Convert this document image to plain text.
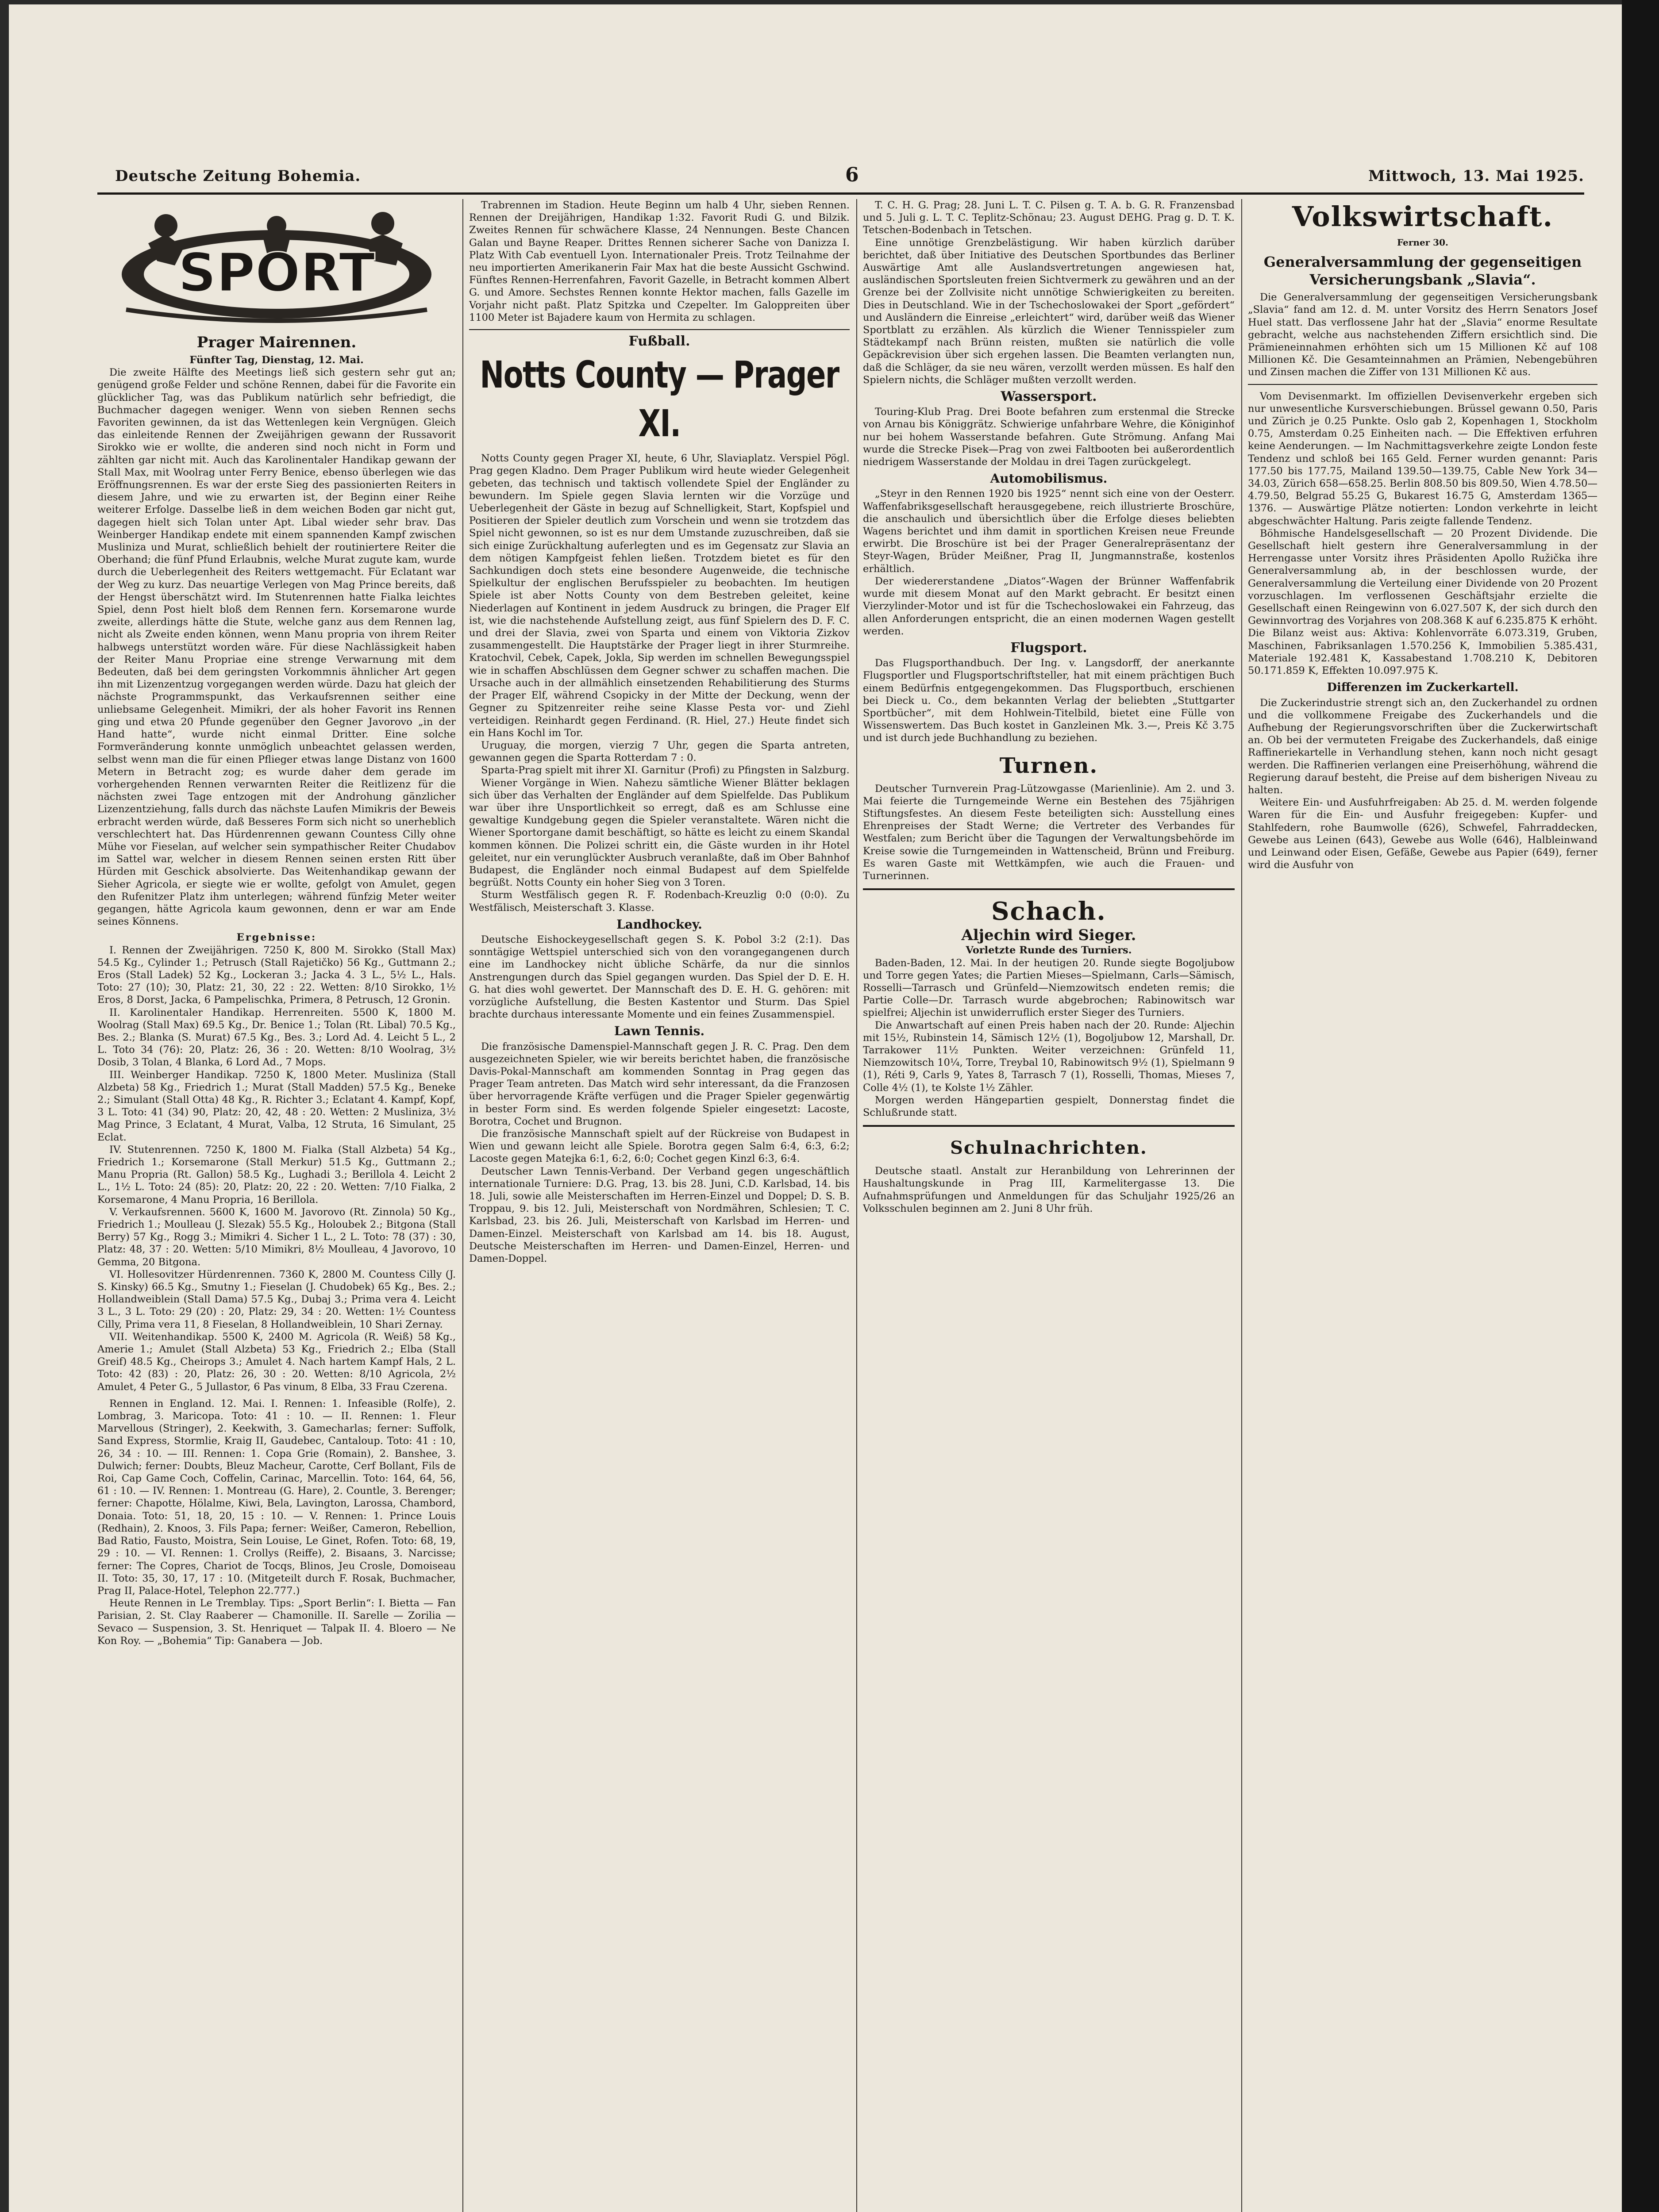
Deutsche Zeitung Bohemia.	6	Mittwoch, 13. Mai 1925.
SPORT
Prager Mairennen.

Fünfter Tag, Dienstag, 12. Mai.

Die zweite Hälfte des Meetings ließ sich gestern sehr gut an; genügend große Felder und schöne Rennen, dabei für die Favorite ein glücklicher Tag, was das Publikum natürlich sehr befriedigt, die Buchmacher dagegen weniger. Wenn von sieben Rennen sechs Favoriten gewinnen, da ist das Wettenlegen kein Vergnügen. Gleich das einleitende Rennen der Zweijährigen gewann der Russavorit Sirokko wie er wollte, die anderen sind noch nicht in Form und zählten gar nicht mit. Auch das Karolinentaler Handikap gewann der Stall Max, mit Woolrag unter Ferry Benice, ebenso überlegen wie das Eröffnungsrennen. Es war der erste Sieg des passionierten Reiters in diesem Jahre, und wie zu erwarten ist, der Beginn einer Reihe weiterer Erfolge. Dasselbe ließ in dem weichen Boden gar nicht gut, dagegen hielt sich Tolan unter Apt. Libal wieder sehr brav. Das Weinberger Handikap endete mit einem spannenden Kampf zwischen Musliniza und Murat, schließlich behielt der routiniertere Reiter die Oberhand; die fünf Pfund Erlaubnis, welche Murat zugute kam, wurde durch die Ueberlegenheit des Reiters wettgemacht. Für Eclatant war der Weg zu kurz. Das neuartige Verlegen von Mag Prince bereits, daß der Hengst überschätzt wird. Im Stutenrennen hatte Fialka leichtes Spiel, denn Post hielt bloß dem Rennen fern. Korsemarone wurde zweite, allerdings hätte die Stute, welche ganz aus dem Rennen lag, nicht als Zweite enden können, wenn Manu propria von ihrem Reiter halbwegs unterstützt worden wäre. Für diese Nachlässigkeit haben der Reiter Manu Propriae eine strenge Verwarnung mit dem Bedeuten, daß bei dem geringsten Vorkommnis ähnlicher Art gegen ihn mit Lizenzentzug vorgegangen werden würde. Dazu hat gleich der nächste Programmspunkt, das Verkaufsrennen seither eine unliebsame Gelegenheit. Mimikri, der als hoher Favorit ins Rennen ging und etwa 20 Pfunde gegenüber den Gegner Javorovo „in der Hand hatte“, wurde nicht einmal Dritter. Eine solche Formveränderung konnte unmöglich unbeachtet gelassen werden, selbst wenn man die für einen Pflieger etwas lange Distanz von 1600 Metern in Betracht zog; es wurde daher dem gerade im vorhergehenden Rennen verwarnten Reiter die Reitlizenz für die nächsten zwei Tage entzogen mit der Androhung gänzlicher Lizenzentziehung, falls durch das nächste Laufen Mimikris der Beweis erbracht werden würde, daß Besseres Form sich nicht so unerheblich verschlechtert hat. Das Hürdenrennen gewann Countess Cilly ohne Mühe vor Fieselan, auf welcher sein sympathischer Reiter Chudabov im Sattel war, welcher in diesem Rennen seinen ersten Ritt über Hürden mit Geschick absolvierte. Das Weitenhandikap gewann der Sieher Agricola, er siegte wie er wollte, gefolgt von Amulet, gegen den Rufenitzer Platz ihm unterlegen; während fünfzig Meter weiter gegangen, hätte Agricola kaum gewonnen, denn er war am Ende seines Könnens.

Ergebnisse:

I. Rennen der Zweijährigen. 7250 K, 800 M. Sirokko (Stall Max) 54.5 Kg., Cylinder 1.; Petrusch (Stall Rajetičko) 56 Kg., Guttmann 2.; Eros (Stall Ladek) 52 Kg., Lockeran 3.; Jacka 4. 3 L., 5½ L., Hals. Toto: 27 (10); 30, Platz: 21, 30, 22 : 22. Wetten: 8/10 Sirokko, 1½ Eros, 8 Dorst, Jacka, 6 Pampelischka, Primera, 8 Petrusch, 12 Gronin.

II. Karolinentaler Handikap. Herrenreiten. 5500 K, 1800 M. Woolrag (Stall Max) 69.5 Kg., Dr. Benice 1.; Tolan (Rt. Libal) 70.5 Kg., Bes. 2.; Blanka (S. Murat) 67.5 Kg., Bes. 3.; Lord Ad. 4. Leicht 5 L., 2 L. Toto 34 (76): 20, Platz: 26, 36 : 20. Wetten: 8/10 Woolrag, 3½ Dosib, 3 Tolan, 4 Blanka, 6 Lord Ad., 7 Mops.

III. Weinberger Handikap. 7250 K, 1800 Meter. Musliniza (Stall Alzbeta) 58 Kg., Friedrich 1.; Murat (Stall Madden) 57.5 Kg., Beneke 2.; Simulant (Stall Otta) 48 Kg., R. Richter 3.; Eclatant 4. Kampf, Kopf, 3 L. Toto: 41 (34) 90, Platz: 20, 42, 48 : 20. Wetten: 2 Musliniza, 3½ Mag Prince, 3 Eclatant, 4 Murat, Valba, 12 Struta, 16 Simulant, 25 Eclat.

IV. Stutenrennen. 7250 K, 1800 M. Fialka (Stall Alzbeta) 54 Kg., Friedrich 1.; Korsemarone (Stall Merkur) 51.5 Kg., Guttmann 2.; Manu Propria (Rt. Gallon) 58.5 Kg., Lughadi 3.; Berillola 4. Leicht 2 L., 1½ L. Toto: 24 (85): 20, Platz: 20, 22 : 20. Wetten: 7/10 Fialka, 2 Korsemarone, 4 Manu Propria, 16 Berillola.

V. Verkaufsrennen. 5600 K, 1600 M. Javorovo (Rt. Zinnola) 50 Kg., Friedrich 1.; Moulleau (J. Slezak) 55.5 Kg., Holoubek 2.; Bitgona (Stall Berry) 57 Kg., Rogg 3.; Mimikri 4. Sicher 1 L., 2 L. Toto: 78 (37) : 30, Platz: 48, 37 : 20. Wetten: 5/10 Mimikri, 8½ Moulleau, 4 Javorovo, 10 Gemma, 20 Bitgona.

VI. Hollesovitzer Hürdenrennen. 7360 K, 2800 M. Countess Cilly (J. S. Kinsky) 66.5 Kg., Smutny 1.; Fieselan (J. Chudobek) 65 Kg., Bes. 2.; Hollandweiblein (Stall Dama) 57.5 Kg., Dubaj 3.; Prima vera 4. Leicht 3 L., 3 L. Toto: 29 (20) : 20, Platz: 29, 34 : 20. Wetten: 1½ Countess Cilly, Prima vera 11, 8 Fieselan, 8 Hollandweiblein, 10 Shari Zernay.

VII. Weitenhandikap. 5500 K, 2400 M. Agricola (R. Weiß) 58 Kg., Amerie 1.; Amulet (Stall Alzbeta) 53 Kg., Friedrich 2.; Elba (Stall Greif) 48.5 Kg., Cheirops 3.; Amulet 4. Nach hartem Kampf Hals, 2 L. Toto: 42 (83) : 20, Platz: 26, 30 : 20. Wetten: 8/10 Agricola, 2½ Amulet, 4 Peter G., 5 Jullastor, 6 Pas vinum, 8 Elba, 33 Frau Czerena.

Rennen in England. 12. Mai. I. Rennen: 1. Infeasible (Rolfe), 2. Lombrag, 3. Maricopa. Toto: 41 : 10. — II. Rennen: 1. Fleur Marvellous (Stringer), 2. Keekwith, 3. Gamecharlas; ferner: Suffolk, Sand Express, Stormlie, Kraig II, Gaudebec, Cantaloup. Toto: 41 : 10, 26, 34 : 10. — III. Rennen: 1. Copa Grie (Romain), 2. Banshee, 3. Dulwich; ferner: Doubts, Bleuz Macheur, Carotte, Cerf Bollant, Fils de Roi, Cap Game Coch, Coffelin, Carinac, Marcellin. Toto: 164, 64, 56, 61 : 10. — IV. Rennen: 1. Montreau (G. Hare), 2. Countle, 3. Berenger; ferner: Chapotte, Hölalme, Kiwi, Bela, Lavington, Larossa, Chambord, Donaia. Toto: 51, 18, 20, 15 : 10. — V. Rennen: 1. Prince Louis (Redhain), 2. Knoos, 3. Fils Papa; ferner: Weißer, Cameron, Rebellion, Bad Ratio, Fausto, Moistra, Sein Louise, Le Ginet, Rofen. Toto: 68, 19, 29 : 10. — VI. Rennen: 1. Crollys (Reiffe), 2. Bisaans, 3. Narcisse; ferner: The Copres, Chariot de Tocqs, Blinos, Jeu Crosle, Domoiseau II. Toto: 35, 30, 17, 17 : 10. (Mitgeteilt durch F. Rosak, Buchmacher, Prag II, Palace-Hotel, Telephon 22.777.)

Heute Rennen in Le Tremblay. Tips: „Sport Berlin“: I. Bietta — Fan Parisian, 2. St. Clay Raaberer — Chamonille. II. Sarelle — Zorilia — Sevaco — Suspension, 3. St. Henriquet — Talpak II. 4. Bloero — Ne Kon Roy. — „Bohemia“ Tip: Ganabera — Job.

Trabrennen im Stadion. Heute Beginn um halb 4 Uhr, sieben Rennen. Rennen der Dreijährigen, Handikap 1:32. Favorit Rudi G. und Bilzik. Zweites Rennen für schwächere Klasse, 24 Nennungen. Beste Chancen Galan und Bayne Reaper. Drittes Rennen sicherer Sache von Danizza I. Platz With Cab eventuell Lyon. Internationaler Preis. Trotz Teilnahme der neu importierten Amerikanerin Fair Max hat die beste Aussicht Gschwind. Fünftes Rennen-Herrenfahren, Favorit Gazelle, in Betracht kommen Albert G. und Amore. Sechstes Rennen konnte Hektor machen, falls Gazelle im Vorjahr nicht paßt. Platz Spitzka und Czepelter. Im Galoppreiten über 1100 Meter ist Bajadere kaum von Hermita zu schlagen.

Fußball.
Notts County — Prager XI.

Notts County gegen Prager XI, heute, 6 Uhr, Slaviaplatz. Verspiel Pögl. Prag gegen Kladno. Dem Prager Publikum wird heute wieder Gelegenheit gebeten, das technisch und taktisch vollendete Spiel der Engländer zu bewundern. Im Spiele gegen Slavia lernten wir die Vorzüge und Ueberlegenheit der Gäste in bezug auf Schnelligkeit, Start, Kopfspiel und Positieren der Spieler deutlich zum Vorschein und wenn sie trotzdem das Spiel nicht gewonnen, so ist es nur dem Umstande zuzuschreiben, daß sie sich einige Zurückhaltung auferlegten und es im Gegensatz zur Slavia an dem nötigen Kampfgeist fehlen ließen. Trotzdem bietet es für den Sachkundigen doch stets eine besondere Augenweide, die technische Spielkultur der englischen Berufsspieler zu beobachten. Im heutigen Spiele ist aber Notts County von dem Bestreben geleitet, keine Niederlagen auf Kontinent in jedem Ausdruck zu bringen, die Prager Elf ist, wie die nachstehende Aufstellung zeigt, aus fünf Spielern des D. F. C. und drei der Slavia, zwei von Sparta und einem von Viktoria Zizkov zusammengestellt. Die Hauptstärke der Prager liegt in ihrer Sturmreihe. Kratochvil, Cebek, Capek, Jokla, Sip werden im schnellen Bewegungsspiel wie in schaffen Abschlüssen dem Gegner schwer zu schaffen machen. Die Ursache auch in der allmählich einsetzenden Rehabilitierung des Sturms der Prager Elf, während Csopicky in der Mitte der Deckung, wenn der Gegner zu Spitzenreiter reihe seine Klasse Pesta vor- und Ziehl verteidigen. Reinhardt gegen Ferdinand. (R. Hiel, 27.) Heute findet sich ein Hans Kochl im Tor.

Uruguay, die morgen, vierzig 7 Uhr, gegen die Sparta antreten, gewannen gegen die Sparta Rotterdam 7 : 0.

Sparta-Prag spielt mit ihrer XI. Garnitur (Profi) zu Pfingsten in Salzburg.

Wiener Vorgänge in Wien. Nahezu sämtliche Wiener Blätter beklagen sich über das Verhalten der Engländer auf dem Spielfelde. Das Publikum war über ihre Unsportlichkeit so erregt, daß es am Schlusse eine gewaltige Kundgebung gegen die Spieler veranstaltete. Wären nicht die Wiener Sportorgane damit beschäftigt, so hätte es leicht zu einem Skandal kommen können. Die Polizei schritt ein, die Gäste wurden in ihr Hotel geleitet, nur ein verunglückter Ausbruch veranlaßte, daß im Ober Bahnhof Budapest, die Engländer noch einmal Budapest auf dem Spielfelde begrüßt. Notts County ein hoher Sieg von 3 Toren.

Sturm Westfälisch gegen R. F. Rodenbach-Kreuzlig 0:0 (0:0). Zu Westfälisch, Meisterschaft 3. Klasse.

Landhockey.

Deutsche Eishockeygesellschaft gegen S. K. Pobol 3:2 (2:1). Das sonntägige Wettspiel unterschied sich von den vorangegangenen durch eine im Landhockey nicht übliche Schärfe, da nur die sinnlos Anstrengungen durch das Spiel gegangen wurden. Das Spiel der D. E. H. G. hat dies wohl gewertet. Der Mannschaft des D. E. H. G. gehören: mit vorzügliche Aufstellung, die Besten Kastentor und Sturm. Das Spiel brachte durchaus interessante Momente und ein feines Zusammenspiel.

Lawn Tennis.

Die französische Damenspiel-Mannschaft gegen J. R. C. Prag. Den dem ausgezeichneten Spieler, wie wir bereits berichtet haben, die französische Davis-Pokal-Mannschaft am kommenden Sonntag in Prag gegen das Prager Team antreten. Das Match wird sehr interessant, da die Franzosen über hervorragende Kräfte verfügen und die Prager Spieler gegenwärtig in bester Form sind. Es werden folgende Spieler eingesetzt: Lacoste, Borotra, Cochet und Brugnon.

Die französische Mannschaft spielt auf der Rückreise von Budapest in Wien und gewann leicht alle Spiele. Borotra gegen Salm 6:4, 6:3, 6:2; Lacoste gegen Matejka 6:1, 6:2, 6:0; Cochet gegen Kinzl 6:3, 6:4.

Deutscher Lawn Tennis-Verband. Der Verband gegen ungeschäftlich internationale Turniere: D.G. Prag, 13. bis 28. Juni, C.D. Karlsbad, 14. bis 18. Juli, sowie alle Meisterschaften im Herren-Einzel und Doppel; D. S. B. Troppau, 9. bis 12. Juli, Meisterschaft von Nordmähren, Schlesien; T. C. Karlsbad, 23. bis 26. Juli, Meisterschaft von Karlsbad im Herren- und Damen-Einzel. Meisterschaft von Karlsbad am 14. bis 18. August, Deutsche Meisterschaften im Herren- und Damen-Einzel, Herren- und Damen-Doppel.

T. C. H. G. Prag; 28. Juni L. T. C. Pilsen g. T. A. b. G. R. Franzensbad und 5. Juli g. L. T. C. Teplitz-Schönau; 23. August DEHG. Prag g. D. T. K. Tetschen-Bodenbach in Tetschen.

Eine unnötige Grenzbelästigung. Wir haben kürzlich darüber berichtet, daß über Initiative des Deutschen Sportbundes das Berliner Auswärtige Amt alle Auslandsvertretungen angewiesen hat, ausländischen Sportsleuten freien Sichtvermerk zu gewähren und an der Grenze bei der Zollvisite nicht unnötige Schwierigkeiten zu bereiten. Dies in Deutschland. Wie in der Tschechoslowakei der Sport „gefördert“ und Ausländern die Einreise „erleichtert“ wird, darüber weiß das Wiener Sportblatt zu erzählen. Als kürzlich die Wiener Tennisspieler zum Städtekampf nach Brünn reisten, mußten sie natürlich die volle Gepäckrevision über sich ergehen lassen. Die Beamten verlangten nun, daß die Schläger, da sie neu wären, verzollt werden müssen. Es half den Spielern nichts, die Schläger mußten verzollt werden.

Wassersport.

Touring-Klub Prag. Drei Boote befahren zum erstenmal die Strecke von Arnau bis Königgrätz. Schwierige unfahrbare Wehre, die Königinhof nur bei hohem Wasserstande befahren. Gute Strömung. Anfang Mai wurde die Strecke Pisek—Prag von zwei Faltbooten bei außerordentlich niedrigem Wasserstande der Moldau in drei Tagen zurückgelegt.

Automobilismus.

„Steyr in den Rennen 1920 bis 1925“ nennt sich eine von der Oesterr. Waffenfabriksgesellschaft herausgegebene, reich illustrierte Broschüre, die anschaulich und übersichtlich über die Erfolge dieses beliebten Wagens berichtet und ihm damit in sportlichen Kreisen neue Freunde erwirbt. Die Broschüre ist bei der Prager Generalrepräsentanz der Steyr-Wagen, Brüder Meißner, Prag II, Jungmannstraße, kostenlos erhältlich.

Der wiedererstandene „Diatos“-Wagen der Brünner Waffenfabrik wurde mit diesem Monat auf den Markt gebracht. Er besitzt einen Vierzylinder-Motor und ist für die Tschechoslowakei ein Fahrzeug, das allen Anforderungen entspricht, die an einen modernen Wagen gestellt werden.

Flugsport.

Das Flugsporthandbuch. Der Ing. v. Langsdorff, der anerkannte Flugsportler und Flugsportschriftsteller, hat mit einem prächtigen Buch einem Bedürfnis entgegengekommen. Das Flugsportbuch, erschienen bei Dieck u. Co., dem bekannten Verlag der beliebten „Stuttgarter Sportbücher“, mit dem Hohlwein-Titelbild, bietet eine Fülle von Wissenswertem. Das Buch kostet in Ganzleinen Mk. 3.—, Preis Kč 3.75 und ist durch jede Buchhandlung zu beziehen.

Turnen.

Deutscher Turnverein Prag-Lützowgasse (Marienlinie). Am 2. und 3. Mai feierte die Turngemeinde Werne ein Bestehen des 75jährigen Stiftungsfestes. An diesem Feste beteiligten sich: Ausstellung eines Ehrenpreises der Stadt Werne; die Vertreter des Verbandes für Westfalen; zum Bericht über die Tagungen der Verwaltungsbehörde im Kreise sowie die Turngemeinden in Wattenscheid, Brünn und Freiburg. Es waren Gaste mit Wettkämpfen, wie auch die Frauen- und Turnerinnen.

Schach.
Aljechin wird Sieger.

Vorletzte Runde des Turniers.

Baden-Baden, 12. Mai. In der heutigen 20. Runde siegte Bogoljubow und Torre gegen Yates; die Partien Mieses—Spielmann, Carls—Sämisch, Rosselli—Tarrasch und Grünfeld—Niemzowitsch endeten remis; die Partie Colle—Dr. Tarrasch wurde abgebrochen; Rabinowitsch war spielfrei; Aljechin ist unwiderruflich erster Sieger des Turniers.

Die Anwartschaft auf einen Preis haben nach der 20. Runde: Aljechin mit 15½, Rubinstein 14, Sämisch 12½ (1), Bogoljubow 12, Marshall, Dr. Tarrakower 11½ Punkten. Weiter verzeichnen: Grünfeld 11, Niemzowitsch 10¼, Torre, Treybal 10, Rabinowitsch 9½ (1), Spielmann 9 (1), Réti 9, Carls 9, Yates 8, Tarrasch 7 (1), Rosselli, Thomas, Mieses 7, Colle 4½ (1), te Kolste 1½ Zähler.

Morgen werden Hängepartien gespielt, Donnerstag findet die Schlußrunde statt.

Schulnachrichten.

Deutsche staatl. Anstalt zur Heranbildung von Lehrerinnen der Haushaltungskunde in Prag III, Karmelitergasse 13. Die Aufnahmsprüfungen und Anmeldungen für das Schuljahr 1925/26 an Volksschulen beginnen am 2. Juni 8 Uhr früh.

Volkswirtschaft.

Ferner 30.

Generalversammlung der gegenseitigen Versicherungsbank „Slavia“.

Die Generalversammlung der gegenseitigen Versicherungsbank „Slavia“ fand am 12. d. M. unter Vorsitz des Herrn Senators Josef Huel statt. Das verflossene Jahr hat der „Slavia“ enorme Resultate gebracht, welche aus nachstehenden Ziffern ersichtlich sind. Die Prämieneinnahmen erhöhten sich um 15 Millionen Kč auf 108 Millionen Kč. Die Gesamteinnahmen an Prämien, Nebengebühren und Zinsen machen die Ziffer von 131 Millionen Kč aus.

Vom Devisenmarkt. Im offiziellen Devisenverkehr ergeben sich nur unwesentliche Kursverschiebungen. Brüssel gewann 0.50, Paris und Zürich je 0.25 Punkte. Oslo gab 2, Kopenhagen 1, Stockholm 0.75, Amsterdam 0.25 Einheiten nach. — Die Effektiven erfuhren keine Aenderungen. — Im Nachmittagsverkehre zeigte London feste Tendenz und schloß bei 165 Geld. Ferner wurden genannt: Paris 177.50 bis 177.75, Mailand 139.50—139.75, Cable New York 34—34.03, Zürich 658—658.25. Berlin 808.50 bis 809.50, Wien 4.78.50—4.79.50, Belgrad 55.25 G, Bukarest 16.75 G, Amsterdam 1365—1376. — Auswärtige Plätze notierten: London verkehrte in leicht abgeschwächter Haltung. Paris zeigte fallende Tendenz.

Böhmische Handelsgesellschaft — 20 Prozent Dividende. Die Gesellschaft hielt gestern ihre Generalversammlung in der Herrengasse unter Vorsitz ihres Präsidenten Apollo Ružička ihre Generalversammlung ab, in der beschlossen wurde, der Generalversammlung die Verteilung einer Dividende von 20 Prozent vorzuschlagen. Im verflossenen Geschäftsjahr erzielte die Gesellschaft einen Reingewinn von 6.027.507 K, der sich durch den Gewinnvortrag des Vorjahres von 208.368 K auf 6.235.875 K erhöht. Die Bilanz weist aus: Aktiva: Kohlenvorräte 6.073.319, Gruben, Maschinen, Fabriksanlagen 1.570.256 K, Immobilien 5.385.431, Materiale 192.481 K, Kassabestand 1.708.210 K, Debitoren 50.171.859 K, Effekten 10.097.975 K.

Differenzen im Zuckerkartell.

Die Zuckerindustrie strengt sich an, den Zuckerhandel zu ordnen und die vollkommene Freigabe des Zuckerhandels und die Aufhebung der Regierungsvorschriften über die Zuckerwirtschaft an. Ob bei der vermuteten Freigabe des Zuckerhandels, daß einige Raffineriekartelle in Verhandlung stehen, kann noch nicht gesagt werden. Die Raffinerien verlangen eine Preiserhöhung, während die Regierung darauf besteht, die Preise auf dem bisherigen Niveau zu halten.

Weitere Ein- und Ausfuhrfreigaben: Ab 25. d. M. werden folgende Waren für die Ein- und Ausfuhr freigegeben: Kupfer- und Stahlfedern, rohe Baumwolle (626), Schwefel, Fahrraddecken, Gewebe aus Leinen (643), Gewebe aus Wolle (646), Halbleinwand und Leinwand oder Eisen, Gefäße, Gewebe aus Papier (649), ferner wird die Ausfuhr von
